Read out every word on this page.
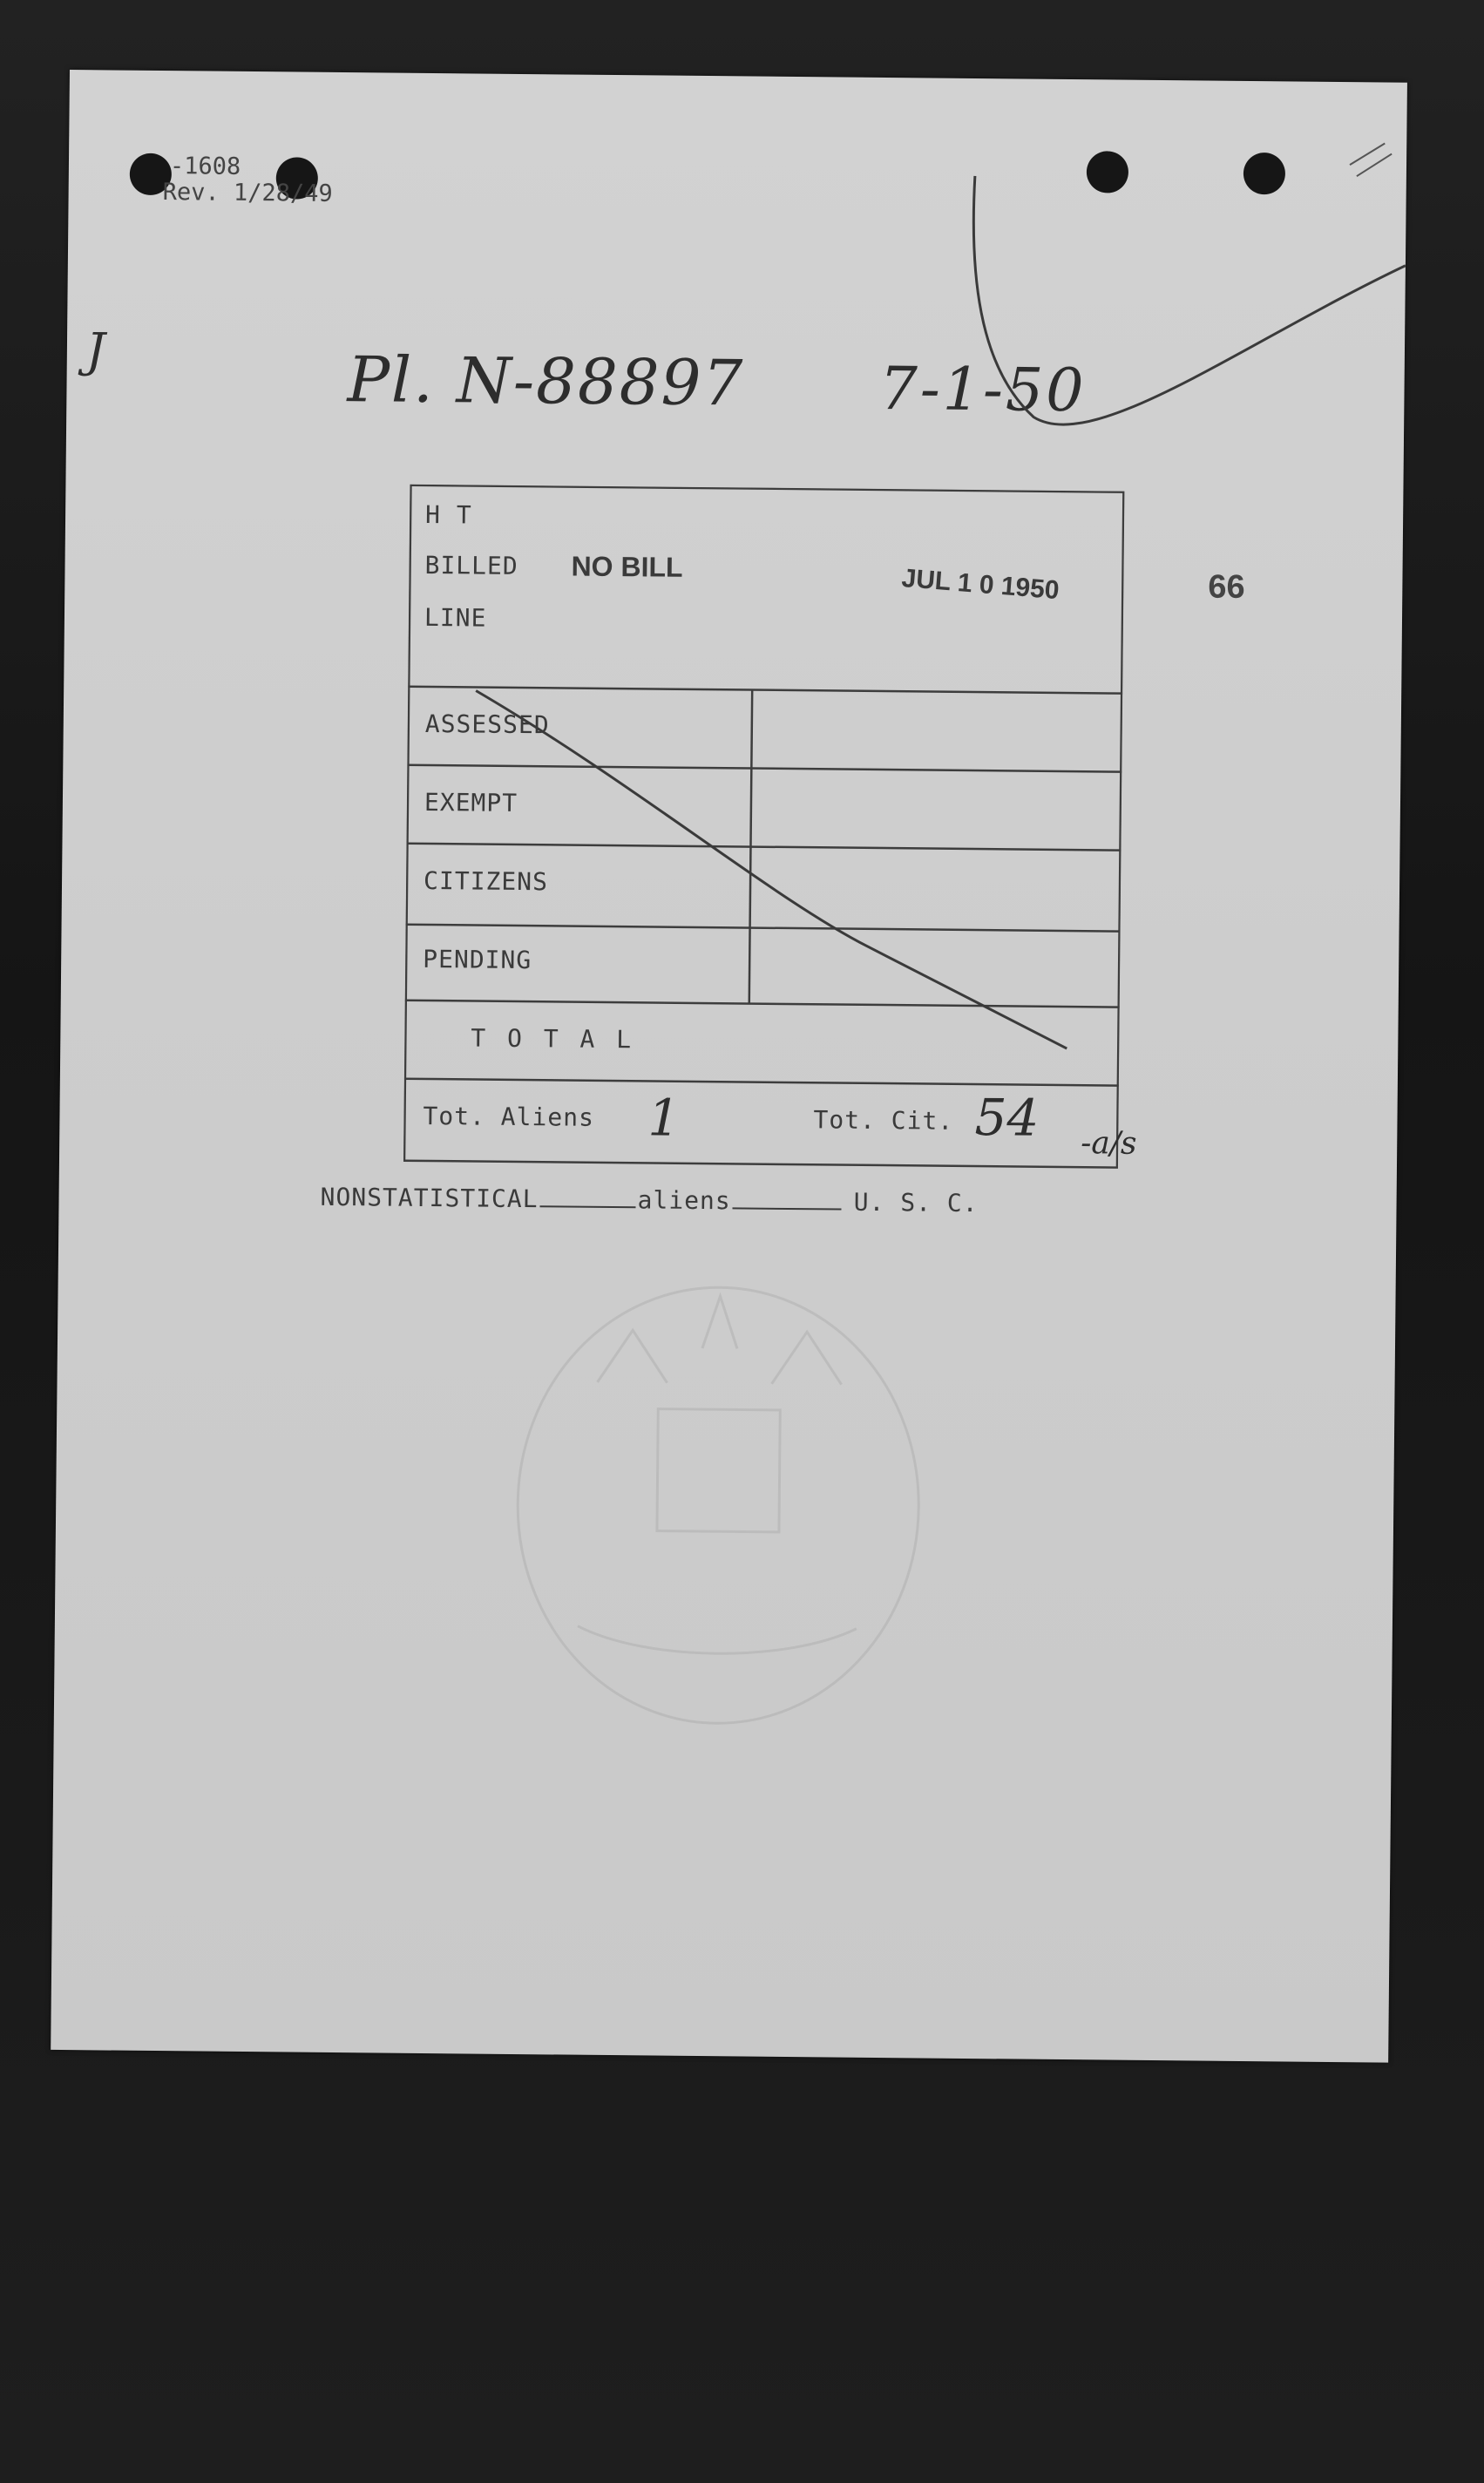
-1608
Rev. 1/28/49
J	Pl. N-88897 7-1-50
H T
BILLED
LINE
NO BILL	JUL 1 0 1950
ASSESSED
EXEMPT
CITIZENS
PENDING
T O T A L
Tot. Aliens 1	Tot. Cit. 54
66
-a/s
NONSTATISTICAL	aliens	U. S. C.
